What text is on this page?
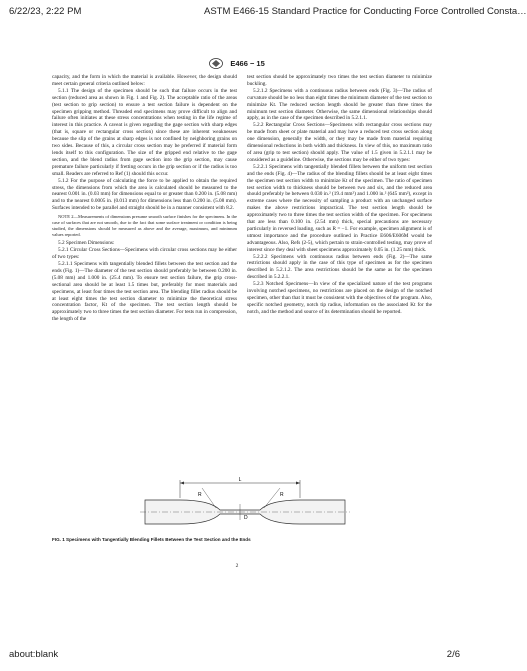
6/22/23, 2:22 PM	ASTM E466-15 Standard Practice for Conducting Force Controlled Consta…
E466 − 15

capacity, and the form in which the material is available. However, the design should meet certain general criteria outlined below:

5.1.1 The design of the specimen should be such that failure occurs in the test section (reduced area as shown in Fig. 1 and Fig. 2). The acceptable ratio of the areas (test section to grip section) to ensure a test section failure is dependent on the specimen gripping method. Threaded end specimens may prove difficult to align and failure often initiates at these stress concentrations when testing in the life regime of interest in this practice. A caveat is given regarding the gage section with sharp edges (that is, square or rectangular cross section) since these are inherent weaknesses because the slip of the grains at sharp edges is not confined by neighboring grains on two sides. Because of this, a circular cross section may be preferred if material form lends itself to this configuration. The size of the gripped end relative to the gage section, and the blend radius from gage section into the grip section, may cause premature failure particularly if fretting occurs in the grip section or if the radius is too small. Readers are referred to Ref (1) should this occur.

5.1.2 For the purpose of calculating the force to be applied to obtain the required stress, the dimensions from which the area is calculated should be measured to the nearest 0.001 in. (0.03 mm) for dimensions equal to or greater than 0.200 in. (5.08 mm) and to the nearest 0.0005 in. (0.013 mm) for dimensions less than 0.200 in. (5.08 mm). Surfaces intended to be parallel and straight should be in a manner consistent with 8.2.

NOTE 2—Measurements of dimensions presume smooth surface finishes for the specimens. In the case of surfaces that are not smooth, due to the fact that some surface treatment or condition is being studied, the dimensions should be measured as above and the average, maximum, and minimum values reported.

5.2 Specimen Dimensions:

5.2.1 Circular Cross Sections—Specimens with circular cross sections may be either of two types:

5.2.1.1 Specimens with tangentially blended fillets between the test section and the ends (Fig. 1)—The diameter of the test section should preferably be between 0.200 in. (5.08 mm) and 1.000 in. (25.4 mm). To ensure test section failure, the grip cross-sectional area should be at least 1.5 times but, preferably for most materials and specimens, at least four times the test section area. The blending fillet radius should be at least eight times the test section diameter to minimize the theoretical stress concentration factor, Kt of the specimen. The test section length should be approximately two to three times the test section diameter. For tests run in compression, the length of the

test section should be approximately two times the test section diameter to minimize buckling.

5.2.1.2 Specimens with a continuous radius between ends (Fig. 3)—The radius of curvature should be no less than eight times the minimum diameter of the test section to minimize Kt. The reduced section length should be greater than three times the minimum test section diameter. Otherwise, the same dimensional relationships should apply, as in the case of the specimen described in 5.2.1.1.

5.2.2 Rectangular Cross Sections—Specimens with rectangular cross sections may be made from sheet or plate material and may have a reduced test cross section along one dimension, generally the width, or they may be made from material requiring dimensional reductions in both width and thickness. In view of this, no maximum ratio of area (grip to test section) should apply. The value of 1.5 given in 5.2.1.1 may be considered as a guideline. Otherwise, the sections may be either of two types:

5.2.2.1 Specimens with tangentially blended fillets between the uniform test section and the ends (Fig. 4)—The radius of the blending fillets should be at least eight times the specimen test section width to minimize Kt of the specimen. The ratio of specimen test section width to thickness should be between two and six, and the reduced area should preferably be between 0.030 in.² (19.4 mm²) and 1.000 in.² (645 mm²), except in extreme cases where the necessity of sampling a product with an unchanged surface makes the above restrictions impractical. The test section length should be approximately two to three times the test section width of the specimen. For specimens that are less than 0.100 in. (2.54 mm) thick, special precautions are necessary particularly in reversed loading, such as R = −1. For example, specimen alignment is of utmost importance and the procedure outlined in Practice E606/E606M would be advantageous. Also, Refs (2-5), which pertain to strain-controlled testing, may prove of interest since they deal with sheet specimens approximately 0.05 in. (1.25 mm) thick.

5.2.2.2 Specimens with continuous radius between ends (Fig. 2)—The same restrictions should apply in the case of this type of specimen as for the specimen described in 5.2.1.2. The area restrictions should be the same as for the specimen described in 5.2.2.1.

5.2.3 Notched Specimens—In view of the specialized nature of the test programs involving notched specimens, no restrictions are placed on the design of the notched specimen, other than that it must be consistent with the objectives of the program. Also, specific notched geometry, notch tip radius, information on the associated Kt for the notch, and the method and source of its determination should be reported.

L
R	R
D
FIG. 1 Specimens with Tangentially Blending Fillets Between the Test Section and the Ends
2
about:blank	2/6
